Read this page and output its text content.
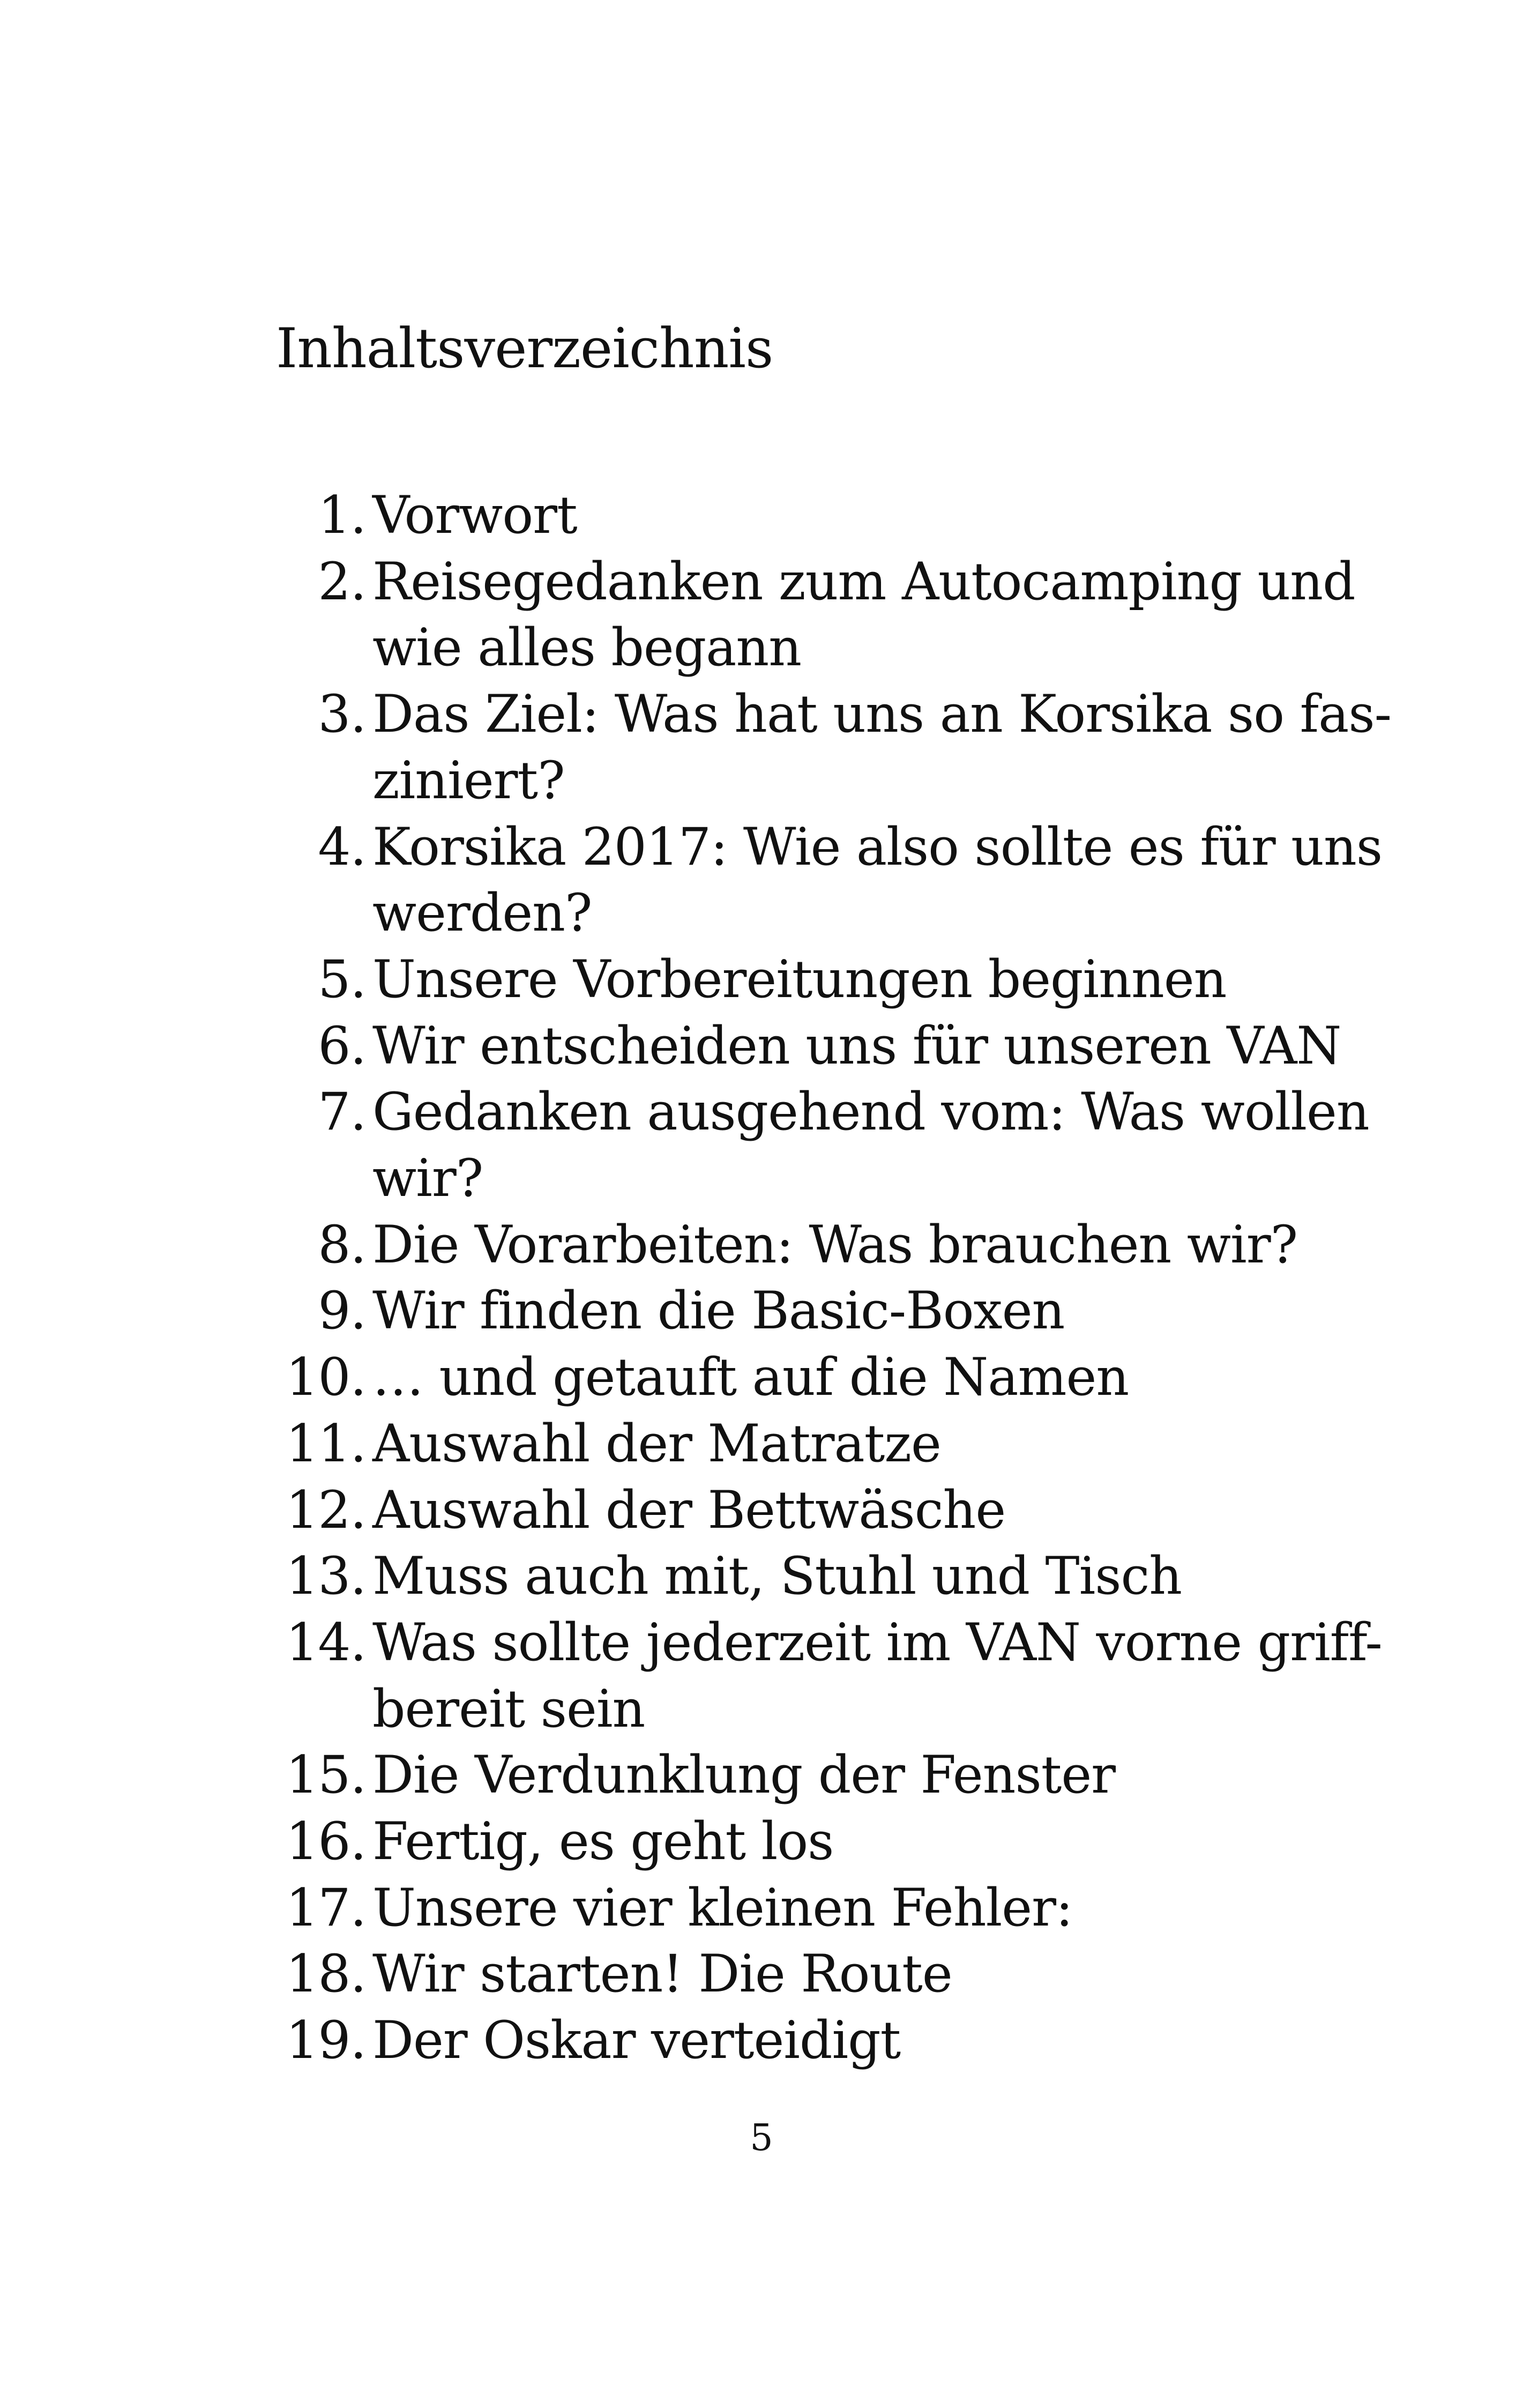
Inhaltsverzeichnis
1. Vorwort
2. Reisegedanken zum Autocamping und
wie alles begann
3. Das Ziel: Was hat uns an Korsika so fas-
ziniert?
4. Korsika 2017: Wie also sollte es für uns
werden?
5. Unsere Vorbereitungen beginnen
6. Wir entscheiden uns für unseren VAN
7. Gedanken ausgehend vom: Was wollen
wir?
8. Die Vorarbeiten: Was brauchen wir?
9. Wir finden die Basic-Boxen
10. … und getauft auf die Namen
11. Auswahl der Matratze
12. Auswahl der Bettwäsche
13. Muss auch mit, Stuhl und Tisch
14. Was sollte jederzeit im VAN vorne griff-
bereit sein
15. Die Verdunklung der Fenster
16. Fertig, es geht los
17. Unsere vier kleinen Fehler:
18. Wir starten! Die Route
19. Der Oskar verteidigt

5
